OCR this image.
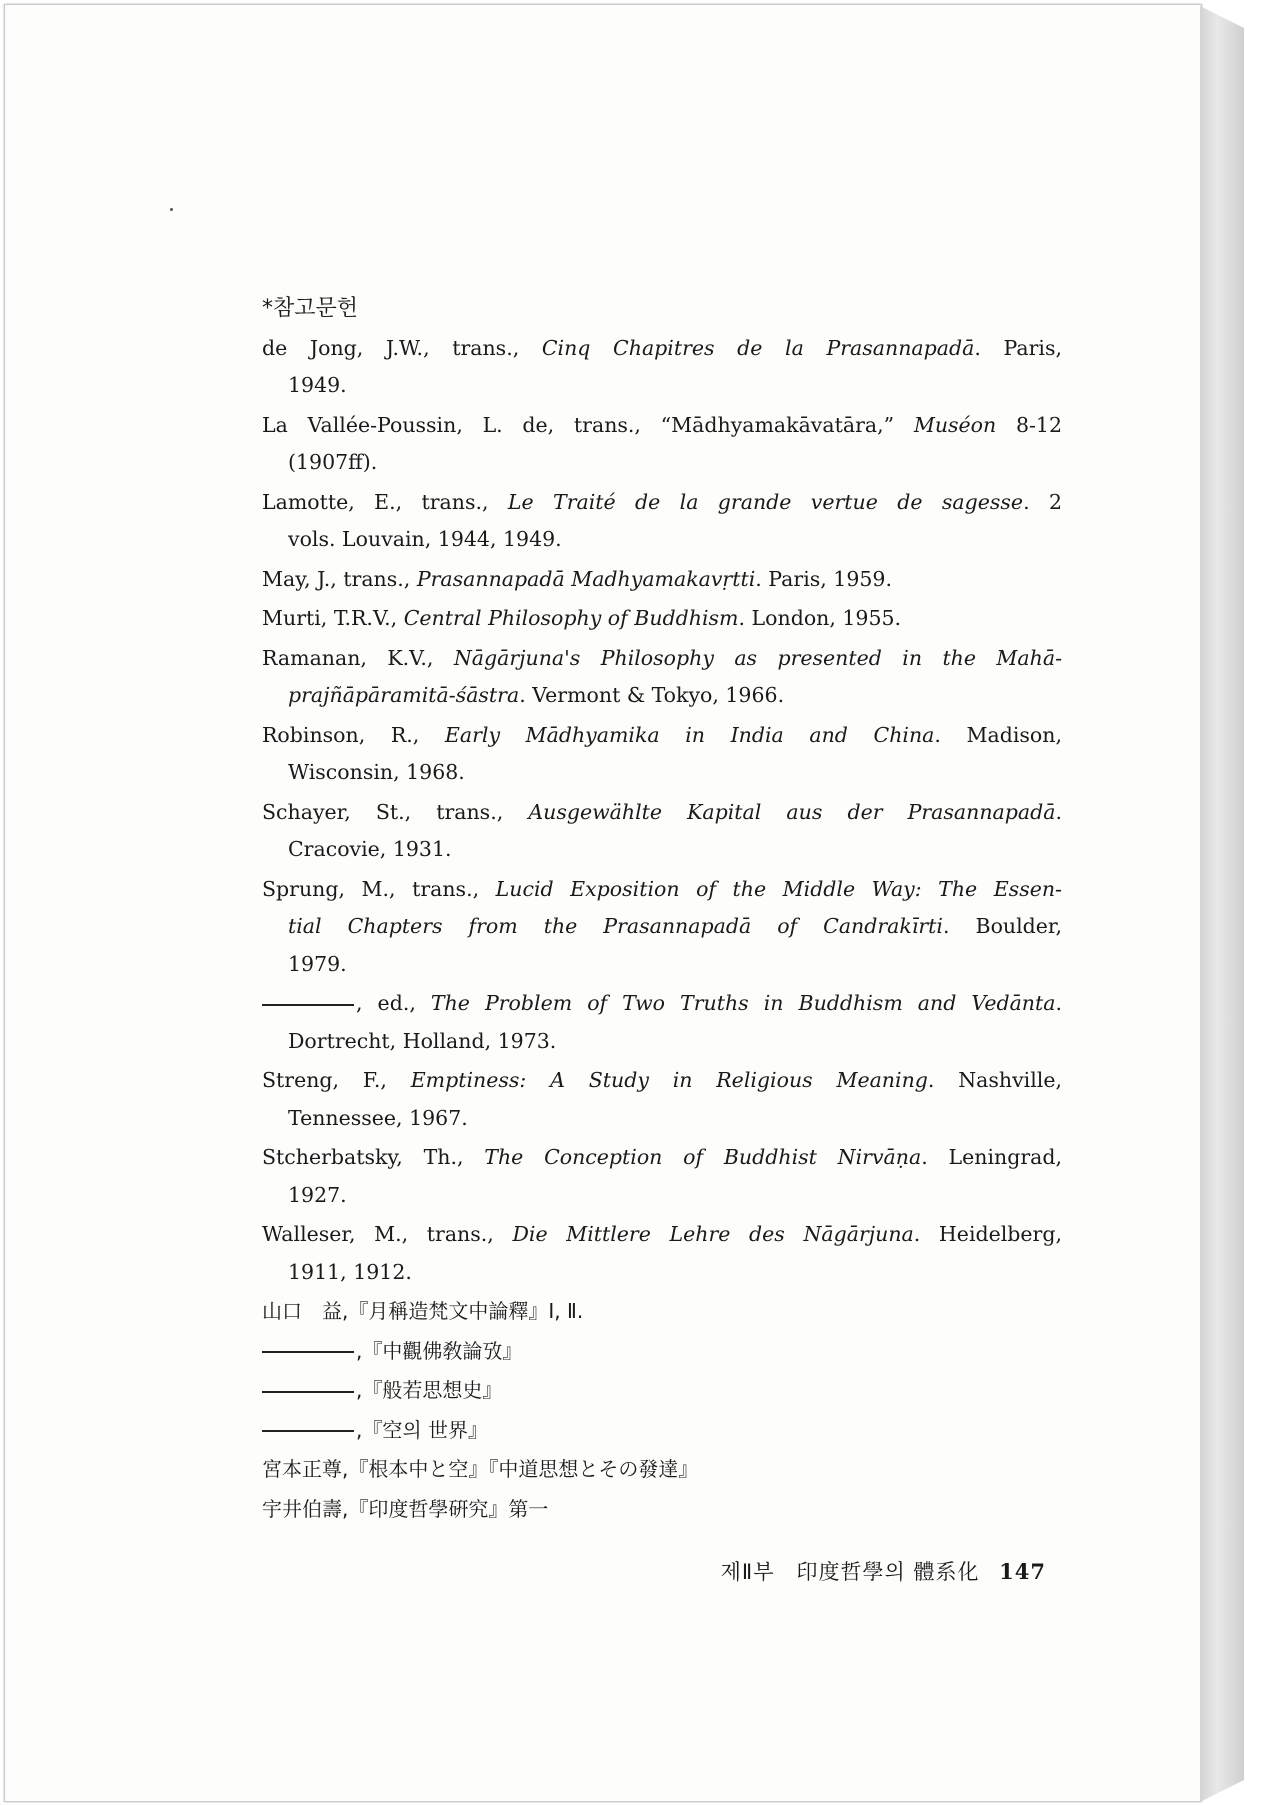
*참고문헌
de Jong, J.W., trans., Cinq Chapitres de la Prasannapadā. Paris,
1949.
La Vallée-Poussin, L. de, trans., “Mādhyamakāvatāra,” Muséon 8-12
(1907ff).
Lamotte, E., trans., Le Traité de la grande vertue de sagesse. 2
vols. Louvain, 1944, 1949.
May, J., trans., Prasannapadā Madhyamakavṛtti. Paris, 1959.
Murti, T.R.V., Central Philosophy of Buddhism. London, 1955.
Ramanan, K.V., Nāgārjuna's Philosophy as presented in the Mahā-
prajñāpāramitā-śāstra. Vermont & Tokyo, 1966.
Robinson, R., Early Mādhyamika in India and China. Madison,
Wisconsin, 1968.
Schayer, St., trans., Ausgewählte Kapital aus der Prasannapadā.
Cracovie, 1931.
Sprung, M., trans., Lucid Exposition of the Middle Way: The Essen-
tial Chapters from the Prasannapadā of Candrakīrti. Boulder,
1979.
, ed., The Problem of Two Truths in Buddhism and Vedānta.
Dortrecht, Holland, 1973.
Streng, F., Emptiness: A Study in Religious Meaning. Nashville,
Tennessee, 1967.
Stcherbatsky, Th., The Conception of Buddhist Nirvāṇa. Leningrad,
1927.
Walleser, M., trans., Die Mittlere Lehre des Nāgārjuna. Heidelberg,
1911, 1912.
山口　益,『月稱造梵文中論釋』Ⅰ, Ⅱ.
,『中觀佛敎論攷』
,『般若思想史』
,『空의 世界』
宮本正尊,『根本中と空』『中道思想とその發達』
宇井伯壽,『印度哲學硏究』第一
제Ⅱ부　印度哲學의 體系化 147
